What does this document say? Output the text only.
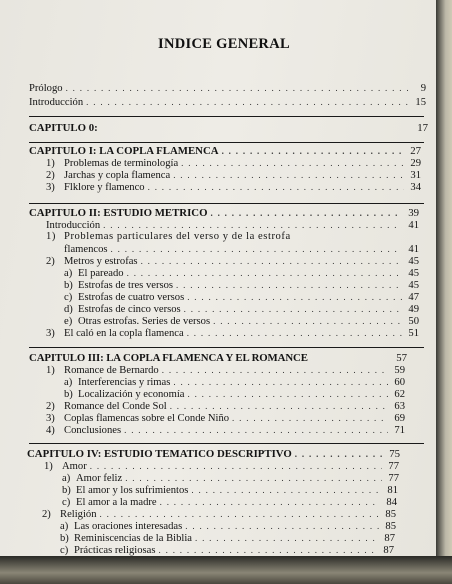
INDICE GENERAL
Prólogo . . .	9
Introducción . . .	15
CAPITULO 0:	17
CAPITULO I: LA COPLA FLAMENCA . . .	27
1) Problemas de terminología . . .	29
2) Jarchas y copla flamenca . . .	31
3) Flklore y flamenco . . .	34
CAPITULO II: ESTUDIO METRICO . . .	39
Introducción . . .	41
1) Problemas particulares del verso y de la estrofa
flamencos . . .	41
2) Metros y estrofas . . .	45
a) El pareado . . .	45
b) Estrofas de tres versos . . .	45
c) Estrofas de cuatro versos . . .	47
d) Estrofas de cinco versos . . .	49
e) Otras estrofas. Series de versos . . .	50
3) El caló en la copla flamenca . . .	51
CAPITULO III: LA COPLA FLAMENCA Y EL ROMANCE	57
1) Romance de Bernardo . . .	59
a) Interferencias y rimas . . .	60
b) Localización y economía . . .	62
2) Romance del Conde Sol . . .	63
3) Coplas flamencas sobre el Conde Niño . . .	69
4) Conclusiones . . .	71
CAPITULO IV: ESTUDIO TEMATICO DESCRIPTIVO . . .	75
1) Amor . . .	77
a) Amor feliz . . .	77
b) El amor y los sufrimientos . . .	81
c) El amor a la madre . . .	84
2) Religión . . .	85
a) Las oraciones interesadas . . .	85
b) Reminiscencias de la Biblia . . .	87
c) Prácticas religiosas . . .	87
